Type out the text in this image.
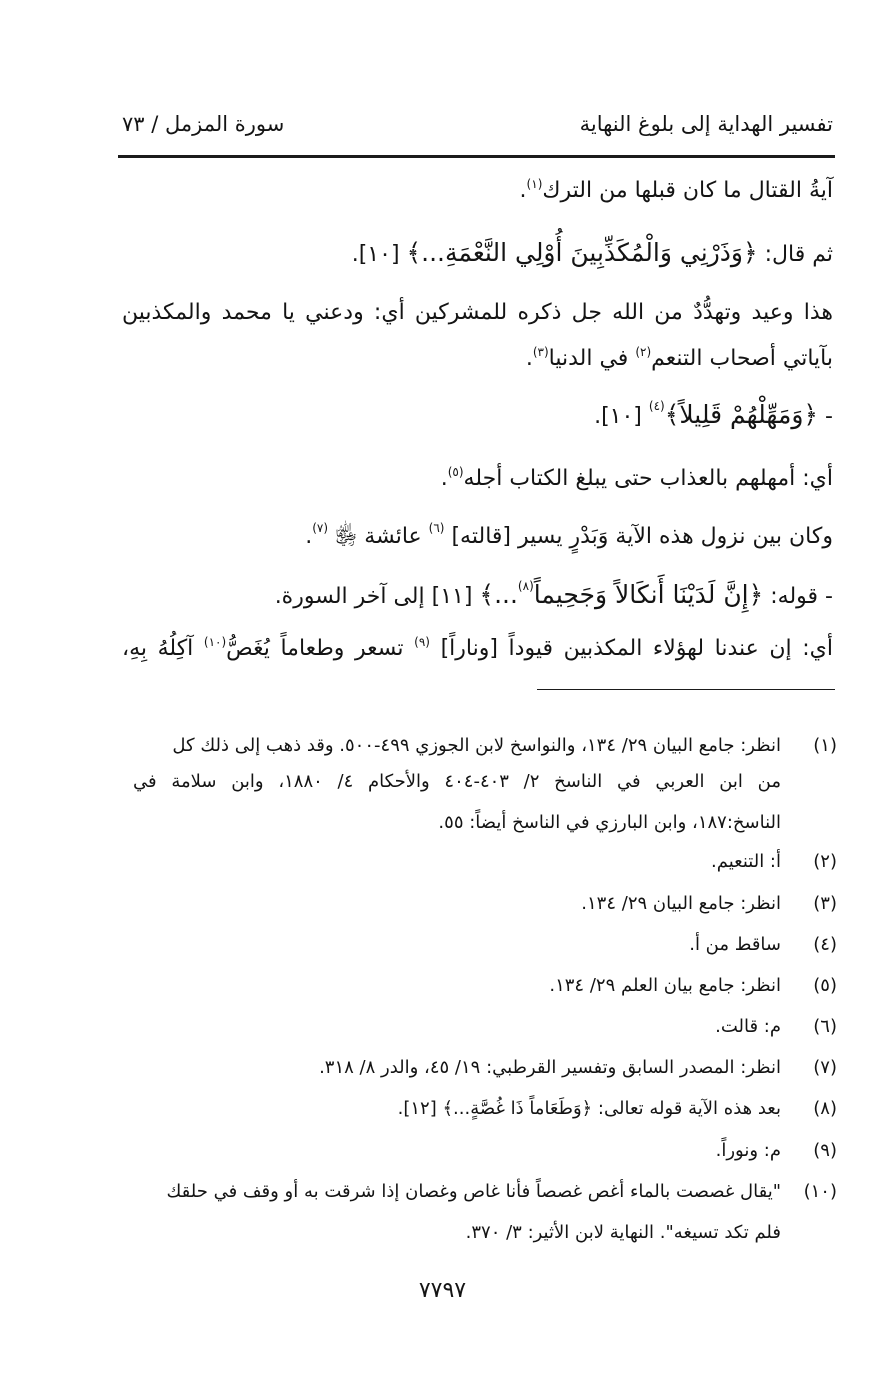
تفسير الهداية إلى بلوغ النهاية
سورة المزمل / ٧٣
آيةُ القتال ما كان قبلها من الترك$^{(١)}$.
ثم قال: ﴿وَذَرْنِي وَالْمُكَذِّبِينَ أُوْلِي النَّعْمَةِ...﴾ [١٠].
هذا وعيد وتهدُّدٌ من الله جل ذكره للمشركين أي: ودعني يا محمد والمكذبين
بآياتي أصحاب التنعم$^{(٢)}$ في الدنيا$^{(٣)}$.
- ﴿وَمَهِّلْهُمْ قَلِيلاً﴾$^{(٤)}$ [١٠].
أي: أمهلهم بالعذاب حتى يبلغ الكتاب أجله$^{(٥)}$.
وكان بين نزول هذه الآية وَبَدْرٍ يسير [قالته] $^{(٦)}$ عائشة ﵂ $^{(٧)}$.
- قوله: ﴿إِنَّ لَدَيْنَا أَنكَالاً وَجَحِيماً$^{(٨)}$...﴾ [١١] إلى آخر السورة.
أي: إن عندنا لهؤلاء المكذبين قيوداً [وناراً] $^{(٩)}$ تسعر وطعاماً يُغَصُّ$^{(١٠)}$ آكِلُهُ بِهِ،
(١)انظر: جامع البيان ٢٩/ ١٣٤، والنواسخ لابن الجوزي ٤٩٩-٥٠٠. وقد ذهب إلى ذلك كل
من ابن العربي في الناسخ ٢/ ٤٠٣-٤٠٤ والأحكام ٤/ ١٨٨٠، وابن سلامة في
الناسخ:١٨٧، وابن البارزي في الناسخ أيضاً: ٥٥.
(٢)أ: التنعيم.
(٣)انظر: جامع البيان ٢٩/ ١٣٤.
(٤)ساقط من أ.
(٥)انظر: جامع بيان العلم ٢٩/ ١٣٤.
(٦)م: قالت.
(٧)انظر: المصدر السابق وتفسير القرطبي: ١٩/ ٤٥، والدر ٨/ ٣١٨.
(٨)بعد هذه الآية قوله تعالى: ﴿وَطَعَاماً ذَا غُصَّةٍ...﴾ [١٢].
(٩)م: ونوراً.
(١٠)"يقال غصصت بالماء أغص غصصاً فأنا غاص وغصان إذا شرقت به أو وقف في حلقك
فلم تكد تسيغه". النهاية لابن الأثير: ٣/ ٣٧٠.
٧٧٩٧
